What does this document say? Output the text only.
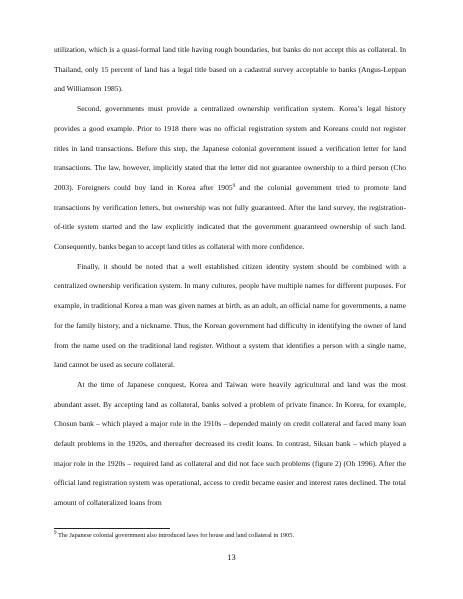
utilization, which is a quasi-formal land title having rough boundaries, but banks do not accept this as collateral. In Thailand, only 15 percent of land has a legal title based on a cadastral survey acceptable to banks (Angus-Leppan and Williamson 1985).

Second, governments must provide a centralized ownership verification system. Korea’s legal history provides a good example. Prior to 1918 there was no official registration system and Koreans could not register titles in land transactions. Before this step, the Japanese colonial government issued a verification letter for land transactions. The law, however, implicitly stated that the letter did not guarantee ownership to a third person (Cho 2003). Foreigners could buy land in Korea after 1905$^9$ and the colonial government tried to promote land transactions by verification letters, but ownership was not fully guaranteed. After the land survey, the registration-of-title system started and the law explicitly indicated that the government guaranteed ownership of such land. Consequently, banks began to accept land titles as collateral with more confidence.

Finally, it should be noted that a well established citizen identity system should be combined with a centralized ownership verification system. In many cultures, people have multiple names for different purposes. For example, in traditional Korea a man was given names at birth, as an adult, an official name for governments, a name for the family history, and a nickname. Thus, the Korean government had difficulty in identifying the owner of land from the name used on the traditional land register. Without a system that identifies a person with a single name, land cannot be used as secure collateral.

At the time of Japanese conquest, Korea and Taiwan were heavily agricultural and land was the most abundant asset. By accepting land as collateral, banks solved a problem of private finance. In Korea, for example, Chosun bank – which played a major role in the 1910s – depended mainly on credit collateral and faced many loan default problems in the 1920s, and thereafter decreased its credit loans. In contrast, Siksan bank – which played a major role in the 1920s – required land as collateral and did not face such problems (figure 2) (Oh 1996). After the official land registration system was operational, access to credit became easier and interest rates declined. The total amount of collateralized loans from

$^9$ The Japanese colonial government also introduced laws for house and land collateral in 1905.
13
